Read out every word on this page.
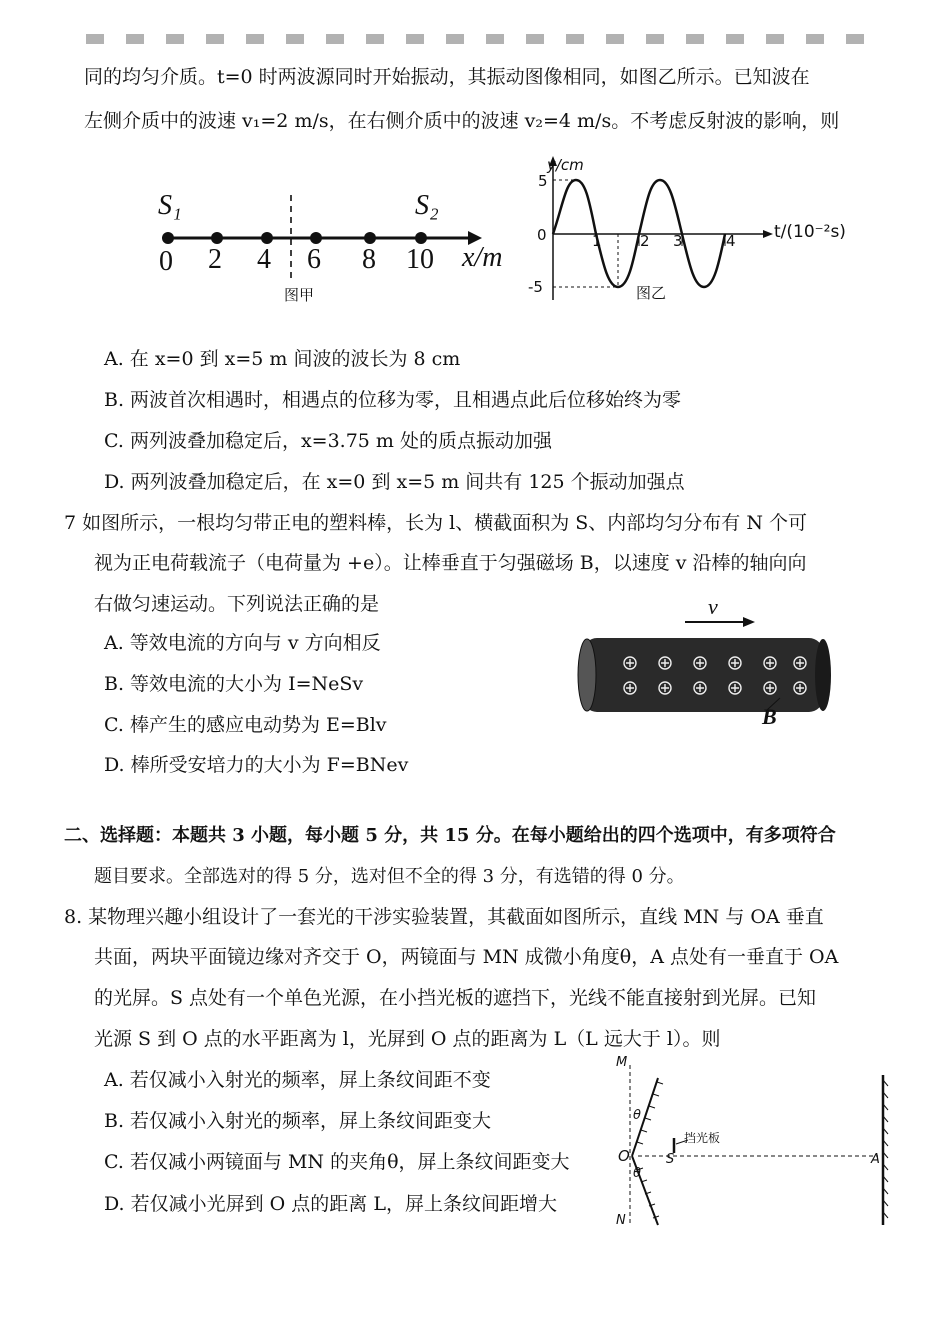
同的均匀介质。t=0 时两波源同时开始振动，其振动图像相同，如图乙所示。已知波在
左侧介质中的波速 v₁=2 m/s，在右侧介质中的波速 v₂=4 m/s。不考虑反射波的影响，则
S₁	S₂
0 2 4 6 8 10 x/m
图甲
y/cm
5
-5
0	1	2 3	4 t/(10⁻²s)
图乙
A. 在 x=0 到 x=5 m 间波的波长为 8 cm
B. 两波首次相遇时，相遇点的位移为零，且相遇点此后位移始终为零
C. 两列波叠加稳定后，x=3.75 m 处的质点振动加强
D. 两列波叠加稳定后，在 x=0 到 x=5 m 间共有 125 个振动加强点
7 如图所示，一根均匀带正电的塑料棒，长为 l、横截面积为 S、内部均匀分布有 N 个可
视为正电荷载流子（电荷量为 +e）。让棒垂直于匀强磁场 B，以速度 v 沿棒的轴向向
右做匀速运动。下列说法正确的是
A. 等效电流的方向与 v 方向相反
B. 等效电流的大小为 I=NeSv
C. 棒产生的感应电动势为 E=Blv
D. 棒所受安培力的大小为 F=BNev
v
B
二、选择题：本题共 3 小题，每小题 5 分，共 15 分。在每小题给出的四个选项中，有多项符合
题目要求。全部选对的得 5 分，选对但不全的得 3 分，有选错的得 0 分。
8. 某物理兴趣小组设计了一套光的干涉实验装置，其截面如图所示，直线 MN 与 OA 垂直
共面，两块平面镜边缘对齐交于 O，两镜面与 MN 成微小角度θ，A 点处有一垂直于 OA
的光屏。S 点处有一个单色光源，在小挡光板的遮挡下，光线不能直接射到光屏。已知
光源 S 到 O 点的水平距离为 l，光屏到 O 点的距离为 L（L 远大于 l）。则
A. 若仅减小入射光的频率，屏上条纹间距不变
B. 若仅减小入射光的频率，屏上条纹间距变大
C. 若仅减小两镜面与 MN 的夹角θ，屏上条纹间距变大
D. 若仅减小光屏到 O 点的距离 L，屏上条纹间距增大
M
N
O	S	A
θ
θ
挡光板
